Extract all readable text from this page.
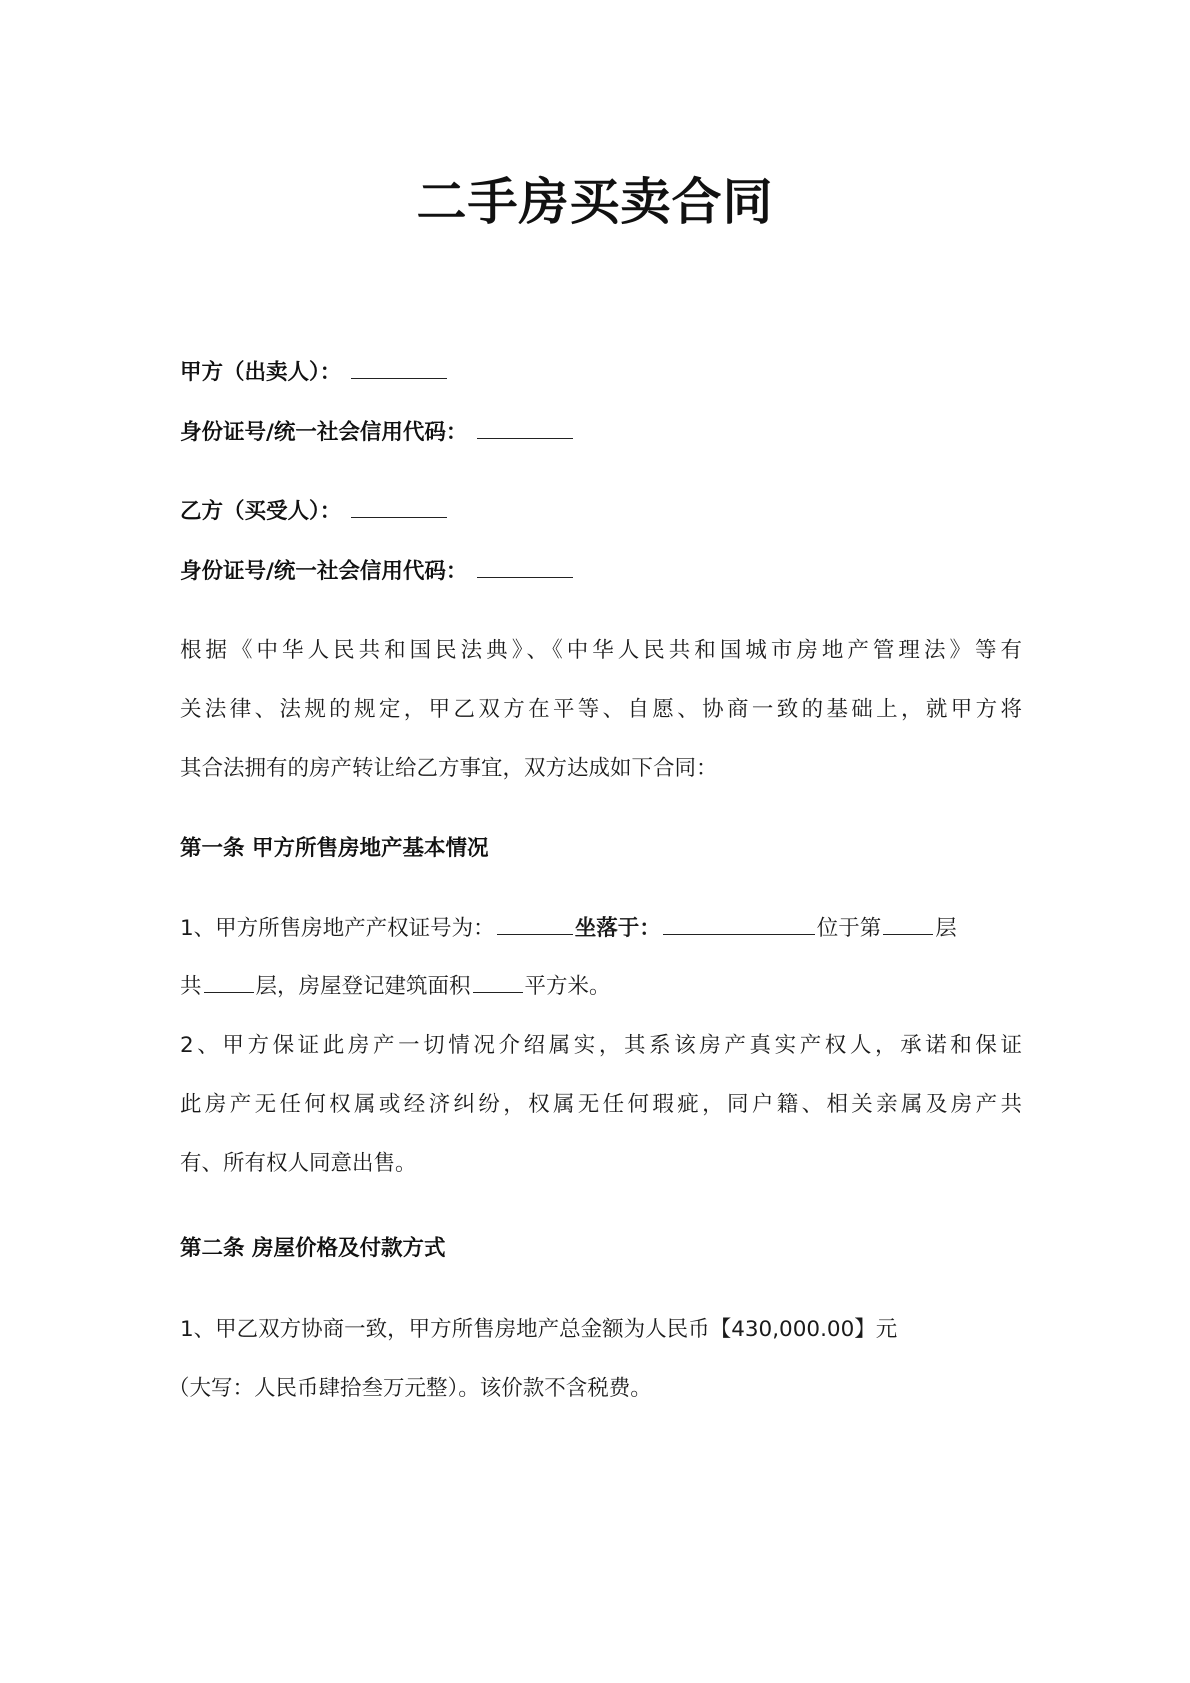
二手房买卖合同
甲方（出卖人）：
身份证号/统一社会信用代码：
乙方（买受人）：
身份证号/统一社会信用代码：
根据《中华人民共和国民法典》、《中华人民共和国城市房地产管理法》等有
关法律、法规的规定，甲乙双方在平等、自愿、协商一致的基础上，就甲方将
其合法拥有的房产转让给乙方事宜，双方达成如下合同：
第一条 甲方所售房地产基本情况
1、甲方所售房地产产权证号为：	坐落于：	位于第	层
共	层，房屋登记建筑面积	平方米。
2、甲方保证此房产一切情况介绍属实，其系该房产真实产权人，承诺和保证
此房产无任何权属或经济纠纷，权属无任何瑕疵，同户籍、相关亲属及房产共
有、所有权人同意出售。
第二条 房屋价格及付款方式
1、甲乙双方协商一致，甲方所售房地产总金额为人民币【430,000.00】元
（大写：人民币肆拾叁万元整）。该价款不含税费。
